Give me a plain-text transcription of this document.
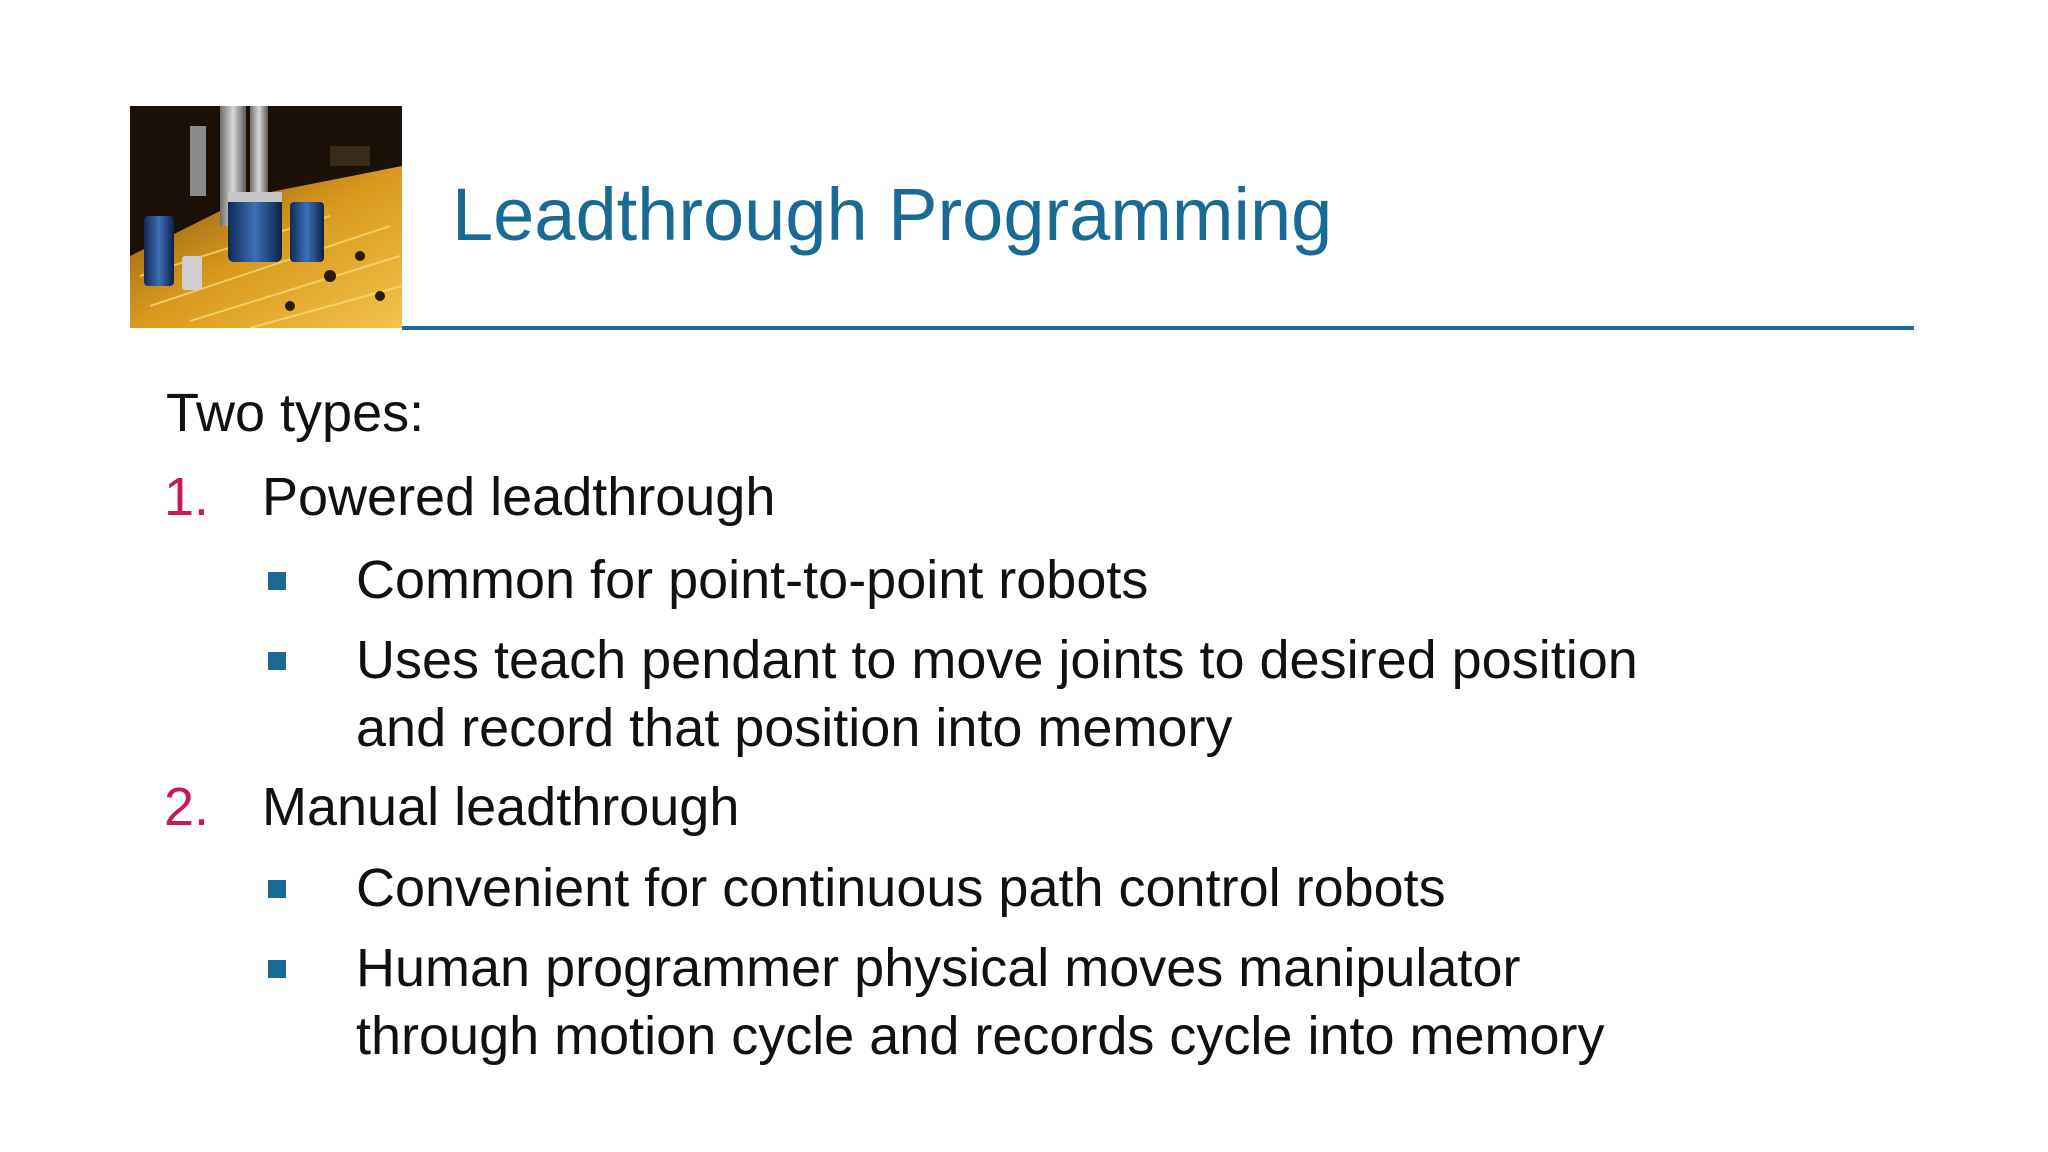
Leadthrough Programming
Two types:
1. Powered leadthrough
Common for point-to-point robots
Uses teach pendant to move joints to desired position
and record that position into memory
2. Manual leadthrough
Convenient for continuous path control robots
Human programmer physical moves manipulator
through motion cycle and records cycle into memory
